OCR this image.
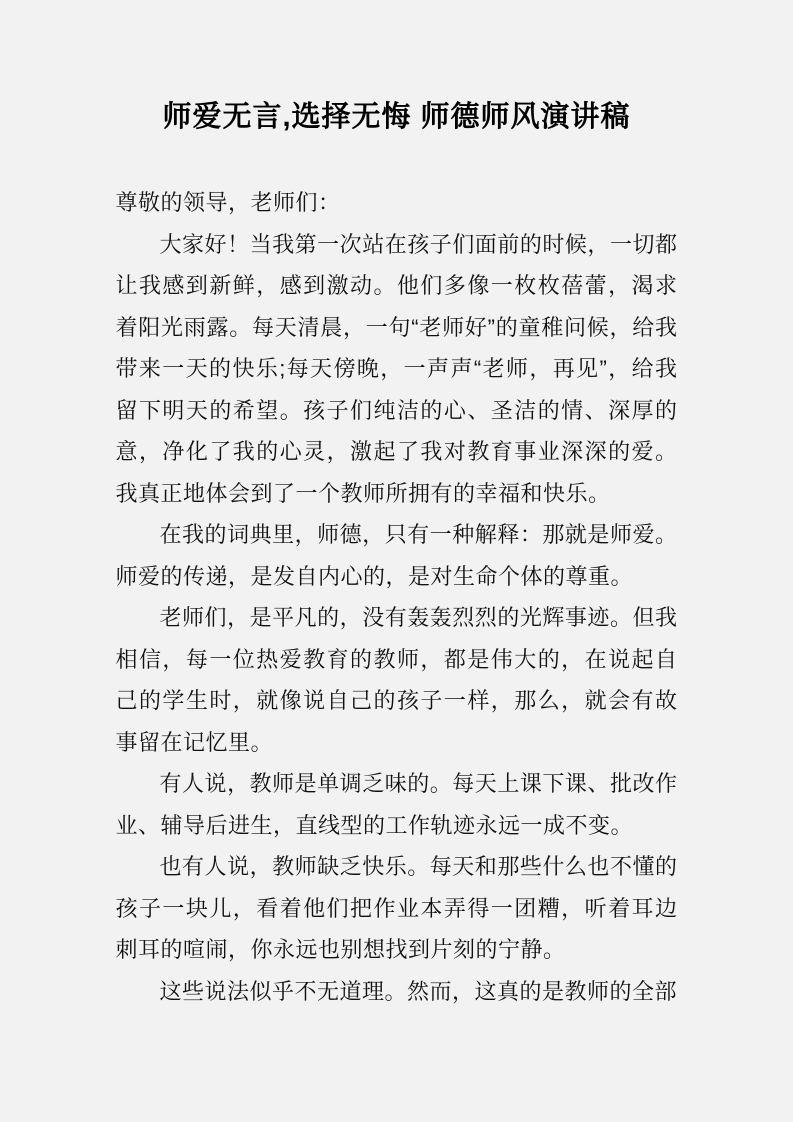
师爱无言,选择无悔 师德师风演讲稿

尊敬的领导，老师们：

大家好！当我第一次站在孩子们面前的时候，一切都让我感到新鲜，感到激动。他们多像一枚枚蓓蕾，渴求着阳光雨露。每天清晨，一句“老师好”的童稚问候，给我带来一天的快乐;每天傍晚，一声声“老师，再见”，给我留下明天的希望。孩子们纯洁的心、圣洁的情、深厚的意，净化了我的心灵，激起了我对教育事业深深的爱。我真正地体会到了一个教师所拥有的幸福和快乐。

在我的词典里，师德，只有一种解释：那就是师爱。师爱的传递，是发自内心的，是对生命个体的尊重。

老师们，是平凡的，没有轰轰烈烈的光辉事迹。但我相信，每一位热爱教育的教师，都是伟大的，在说起自己的学生时，就像说自己的孩子一样，那么，就会有故事留在记忆里。

有人说，教师是单调乏味的。每天上课下课、批改作业、辅导后进生，直线型的工作轨迹永远一成不变。

也有人说，教师缺乏快乐。每天和那些什么也不懂的孩子一块儿，看着他们把作业本弄得一团糟，听着耳边刺耳的喧闹，你永远也别想找到片刻的宁静。

这些说法似乎不无道理。然而，这真的是教师的全部
